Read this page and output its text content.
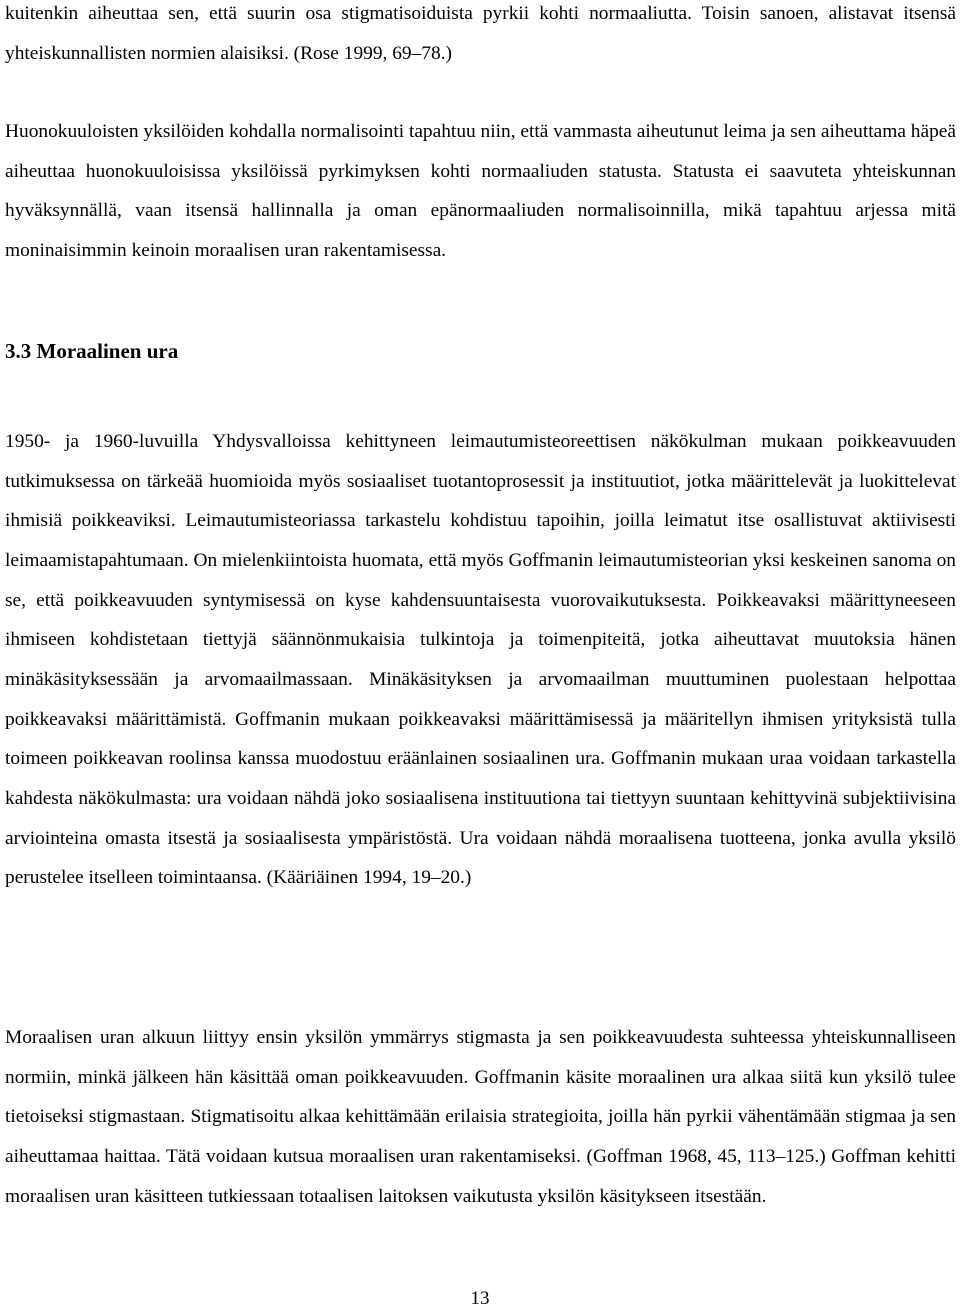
kuitenkin aiheuttaa sen, että suurin osa stigmatisoiduista pyrkii kohti normaaliutta. Toisin sanoen, alistavat itsensä yhteiskunnallisten normien alaisiksi. (Rose 1999, 69–78.)

Huonokuuloisten yksilöiden kohdalla normalisointi tapahtuu niin, että vammasta aiheutunut leima ja sen aiheuttama häpeä aiheuttaa huonokuuloisissa yksilöissä pyrkimyksen kohti normaaliuden statusta. Statusta ei saavuteta yhteiskunnan hyväksynnällä, vaan itsensä hallinnalla ja oman epänormaaliuden normalisoinnilla, mikä tapahtuu arjessa mitä moninaisimmin keinoin moraalisen uran rakentamisessa.

3.3 Moraalinen ura

1950- ja 1960-luvuilla Yhdysvalloissa kehittyneen leimautumisteoreettisen näkökulman mukaan poikkeavuuden tutkimuksessa on tärkeää huomioida myös sosiaaliset tuotantoprosessit ja instituutiot, jotka määrittelevät ja luokittelevat ihmisiä poikkeaviksi. Leimautumisteoriassa tarkastelu kohdistuu tapoihin, joilla leimatut itse osallistuvat aktiivisesti leimaamistapahtumaan. On mielenkiintoista huomata, että myös Goffmanin leimautumisteorian yksi keskeinen sanoma on se, että poikkeavuuden syntymisessä on kyse kahdensuuntaisesta vuorovaikutuksesta. Poikkeavaksi määrittyneeseen ihmiseen kohdistetaan tiettyjä säännönmukaisia tulkintoja ja toimenpiteitä, jotka aiheuttavat muutoksia hänen minäkäsityksessään ja arvomaailmassaan. Minäkäsityksen ja arvomaailman muuttuminen puolestaan helpottaa poikkeavaksi määrittämistä. Goffmanin mukaan poikkeavaksi määrittämisessä ja määritellyn ihmisen yrityksistä tulla toimeen poikkeavan roolinsa kanssa muodostuu eräänlainen sosiaalinen ura. Goffmanin mukaan uraa voidaan tarkastella kahdesta näkökulmasta: ura voidaan nähdä joko sosiaalisena instituutiona tai tiettyyn suuntaan kehittyvinä subjektiivisina arviointeina omasta itsestä ja sosiaalisesta ympäristöstä. Ura voidaan nähdä moraalisena tuotteena, jonka avulla yksilö perustelee itselleen toimintaansa. (Kääriäinen 1994, 19–20.)

Moraalisen uran alkuun liittyy ensin yksilön ymmärrys stigmasta ja sen poikkeavuudesta suhteessa yhteiskunnalliseen normiin, minkä jälkeen hän käsittää oman poikkeavuuden. Goffmanin käsite moraalinen ura alkaa siitä kun yksilö tulee tietoiseksi stigmastaan. Stigmatisoitu alkaa kehittämään erilaisia strategioita, joilla hän pyrkii vähentämään stigmaa ja sen aiheuttamaa haittaa. Tätä voidaan kutsua moraalisen uran rakentamiseksi. (Goffman 1968, 45, 113–125.) Goffman kehitti moraalisen uran käsitteen tutkiessaan totaalisen laitoksen vaikutusta yksilön käsitykseen itsestään.

13
